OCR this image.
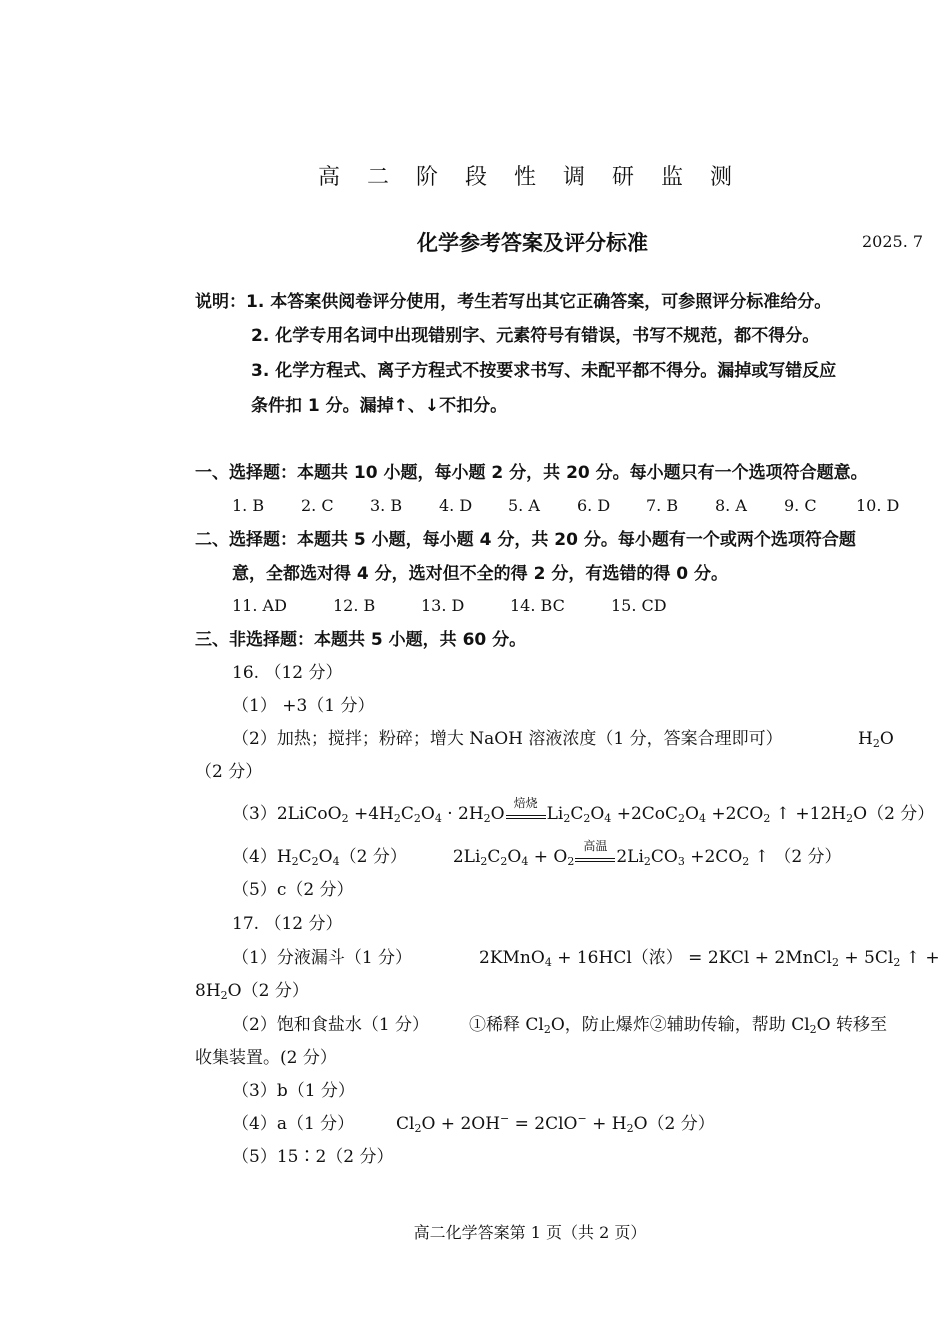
高 二 阶 段 性 调 研 监 测
化学参考答案及评分标准	2025. 7
说明：1. 本答案供阅卷评分使用，考生若写出其它正确答案，可参照评分标准给分。
2. 化学专用名词中出现错别字、元素符号有错误，书写不规范，都不得分。
3. 化学方程式、离子方程式不按要求书写、未配平都不得分。漏掉或写错反应
条件扣 1 分。漏掉↑、↓不扣分。
一、选择题：本题共 10 小题，每小题 2 分，共 20 分。每小题只有一个选项符合题意。
1. B 2. C 3. B 4. D 5. A 6. D 7. B 8. A 9. C 10. D
二、选择题：本题共 5 小题，每小题 4 分，共 20 分。每小题有一个或两个选项符合题
意，全都选对得 4 分，选对但不全的得 2 分，有选错的得 0 分。
11. AD	12. B	13. D	14. BC	15. CD
三、非选择题：本题共 5 小题，共 60 分。
16. （12 分）
（1） +3（1 分）
（2）加热；搅拌；粉碎；增大 NaOH 溶液浓度（1 分，答案合理即可）	$H_2O$
（2 分）
（3）2LiCoO$_2$ $+4H_2C_2O_4 \cdot 2H_2O$
焙烧
$Li_2C_2O_4 +2CoC_2O_4 +2CO_2$ ↑ $+12H_2O(2$ 分）
$(4)H_2C_2O_4(2$ 分）	$2Li_2C_2O_4 + O_2$
高温
$2Li_2CO_3 +2CO_2$ ↑ （2 分）
（5）c（2 分）
17. （12 分）
（1）分液漏斗（1 分）	2KMnO$_4$ + 16HCl（浓） = 2KCl + 2MnCl$_2$ + $5Cl_2$ ↑ +
$8H_2O(2$ 分）
（2）饱和食盐水（1 分） ①稀释 $Cl_2O$，防止爆炸②辅助传输，帮助 $Cl_2O$ 转移至
收集装置。(2 分）
（3）b（1 分）
（4）a（1 分） $Cl_2O + 2OH^- = 2ClO^- + H_2O(2$ 分）
（5）15∶2（2 分）
高二化学答案第 1 页（共 2 页）
